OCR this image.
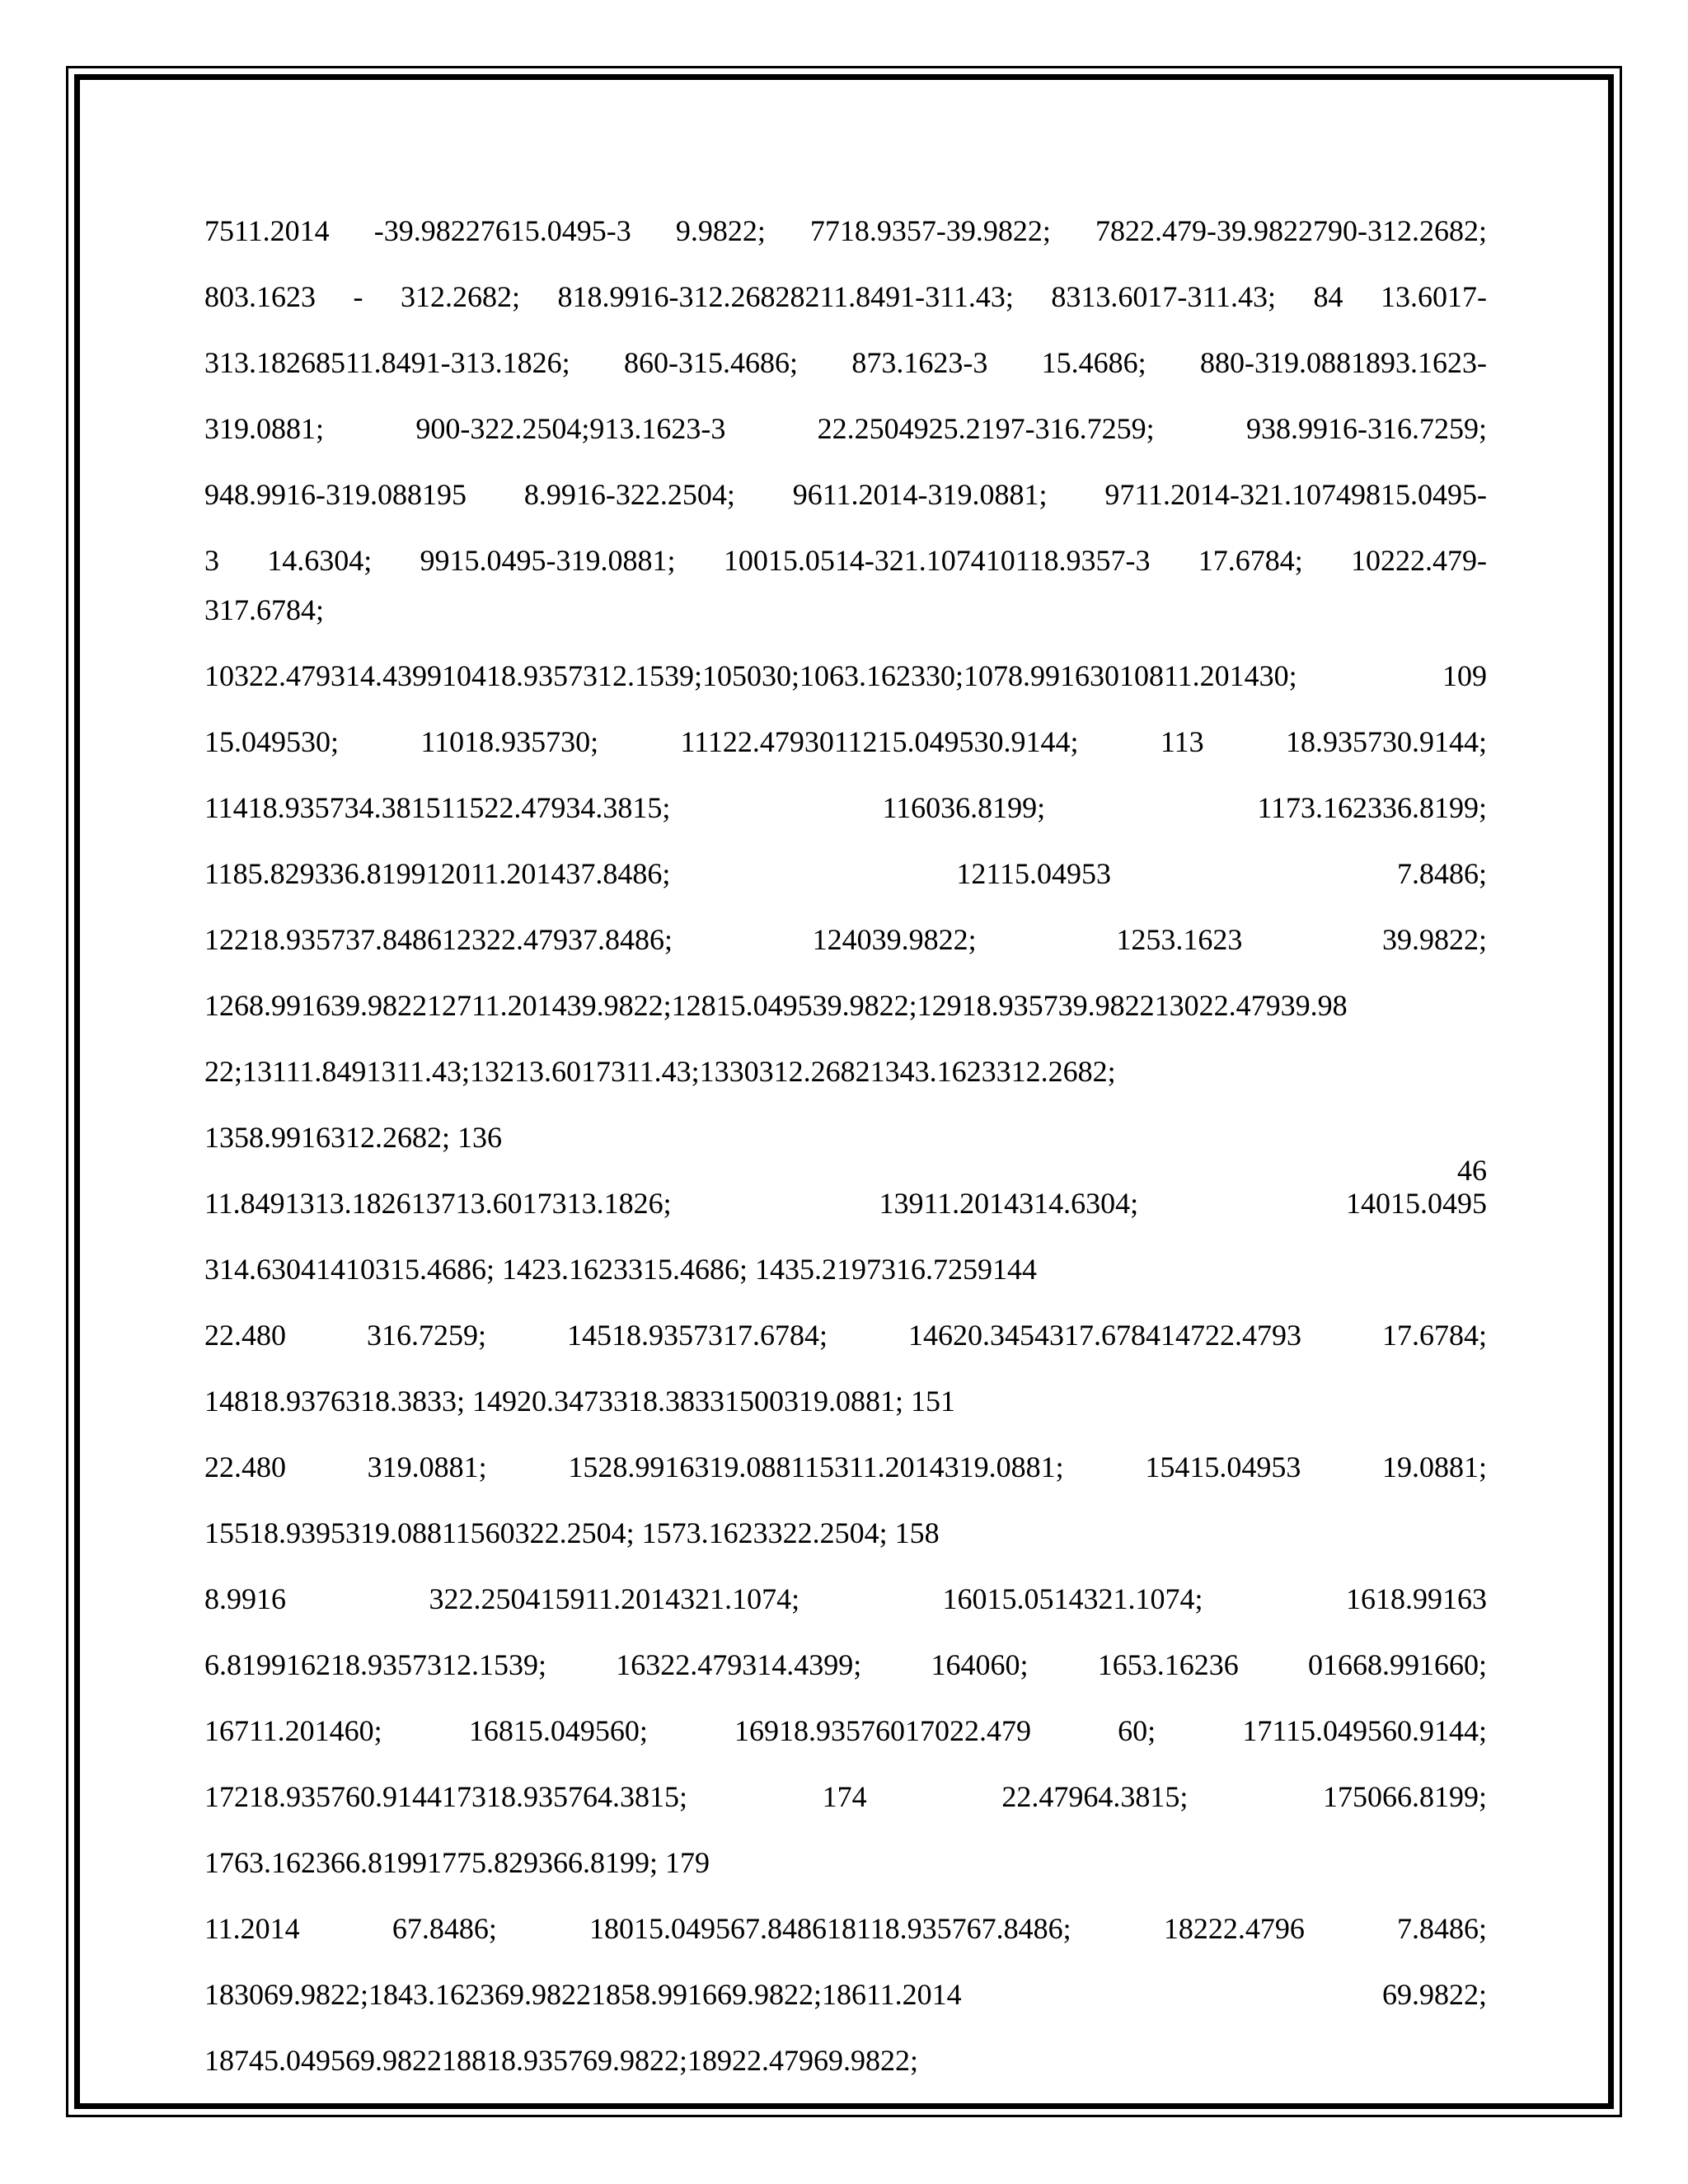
7511.2014 -39.98227615.0495-3 9.9822; 7718.9357-39.9822; 7822.479-39.9822790-312.2682;
803.1623 - 312.2682; 818.9916-312.26828211.8491-311.43; 8313.6017-311.43; 84 13.6017-
313.18268511.8491-313.1826; 860-315.4686; 873.1623-3 15.4686; 880-319.0881893.1623-
319.0881; 900-322.2504;913.1623-3 22.2504925.2197-316.7259; 938.9916-316.7259;
948.9916-319.088195 8.9916-322.2504; 9611.2014-319.0881; 9711.2014-321.10749815.0495-
3 14.6304; 9915.0495-319.0881; 10015.0514-321.107410118.9357-3 17.6784; 10222.479-
317.6784;
10322.479314.439910418.9357312.1539;105030;1063.162330;1078.99163010811.201430; 109
15.049530; 11018.935730; 11122.4793011215.049530.9144; 113 18.935730.9144;
11418.935734.381511522.47934.3815; 116036.8199; 1173.162336.8199;
1185.829336.819912011.201437.8486; 12115.04953 7.8486;
12218.935737.848612322.47937.8486; 124039.9822; 1253.1623 39.9822;
1268.991639.982212711.201439.9822;12815.049539.9822;12918.935739.982213022.47939.98
22;13111.8491311.43;13213.6017311.43;1330312.26821343.1623312.2682;
1358.9916312.2682; 136
46
11.8491313.182613713.6017313.1826; 13911.2014314.6304; 14015.0495
314.63041410315.4686; 1423.1623315.4686; 1435.2197316.7259144
22.480 316.7259; 14518.9357317.6784; 14620.3454317.678414722.4793 17.6784;
14818.9376318.3833; 14920.3473318.38331500319.0881; 151
22.480 319.0881; 1528.9916319.088115311.2014319.0881; 15415.04953 19.0881;
15518.9395319.08811560322.2504; 1573.1623322.2504; 158
8.9916 322.250415911.2014321.1074; 16015.0514321.1074; 1618.99163
6.819916218.9357312.1539; 16322.479314.4399; 164060; 1653.16236 01668.991660;
16711.201460; 16815.049560; 16918.93576017022.479 60; 17115.049560.9144;
17218.935760.914417318.935764.3815; 174 22.47964.3815; 175066.8199;
1763.162366.81991775.829366.8199; 179
11.2014 67.8486; 18015.049567.848618118.935767.8486; 18222.4796 7.8486;
183069.9822;1843.162369.98221858.991669.9822;18611.2014 69.9822;
18745.049569.982218818.935769.9822;18922.47969.9822;
